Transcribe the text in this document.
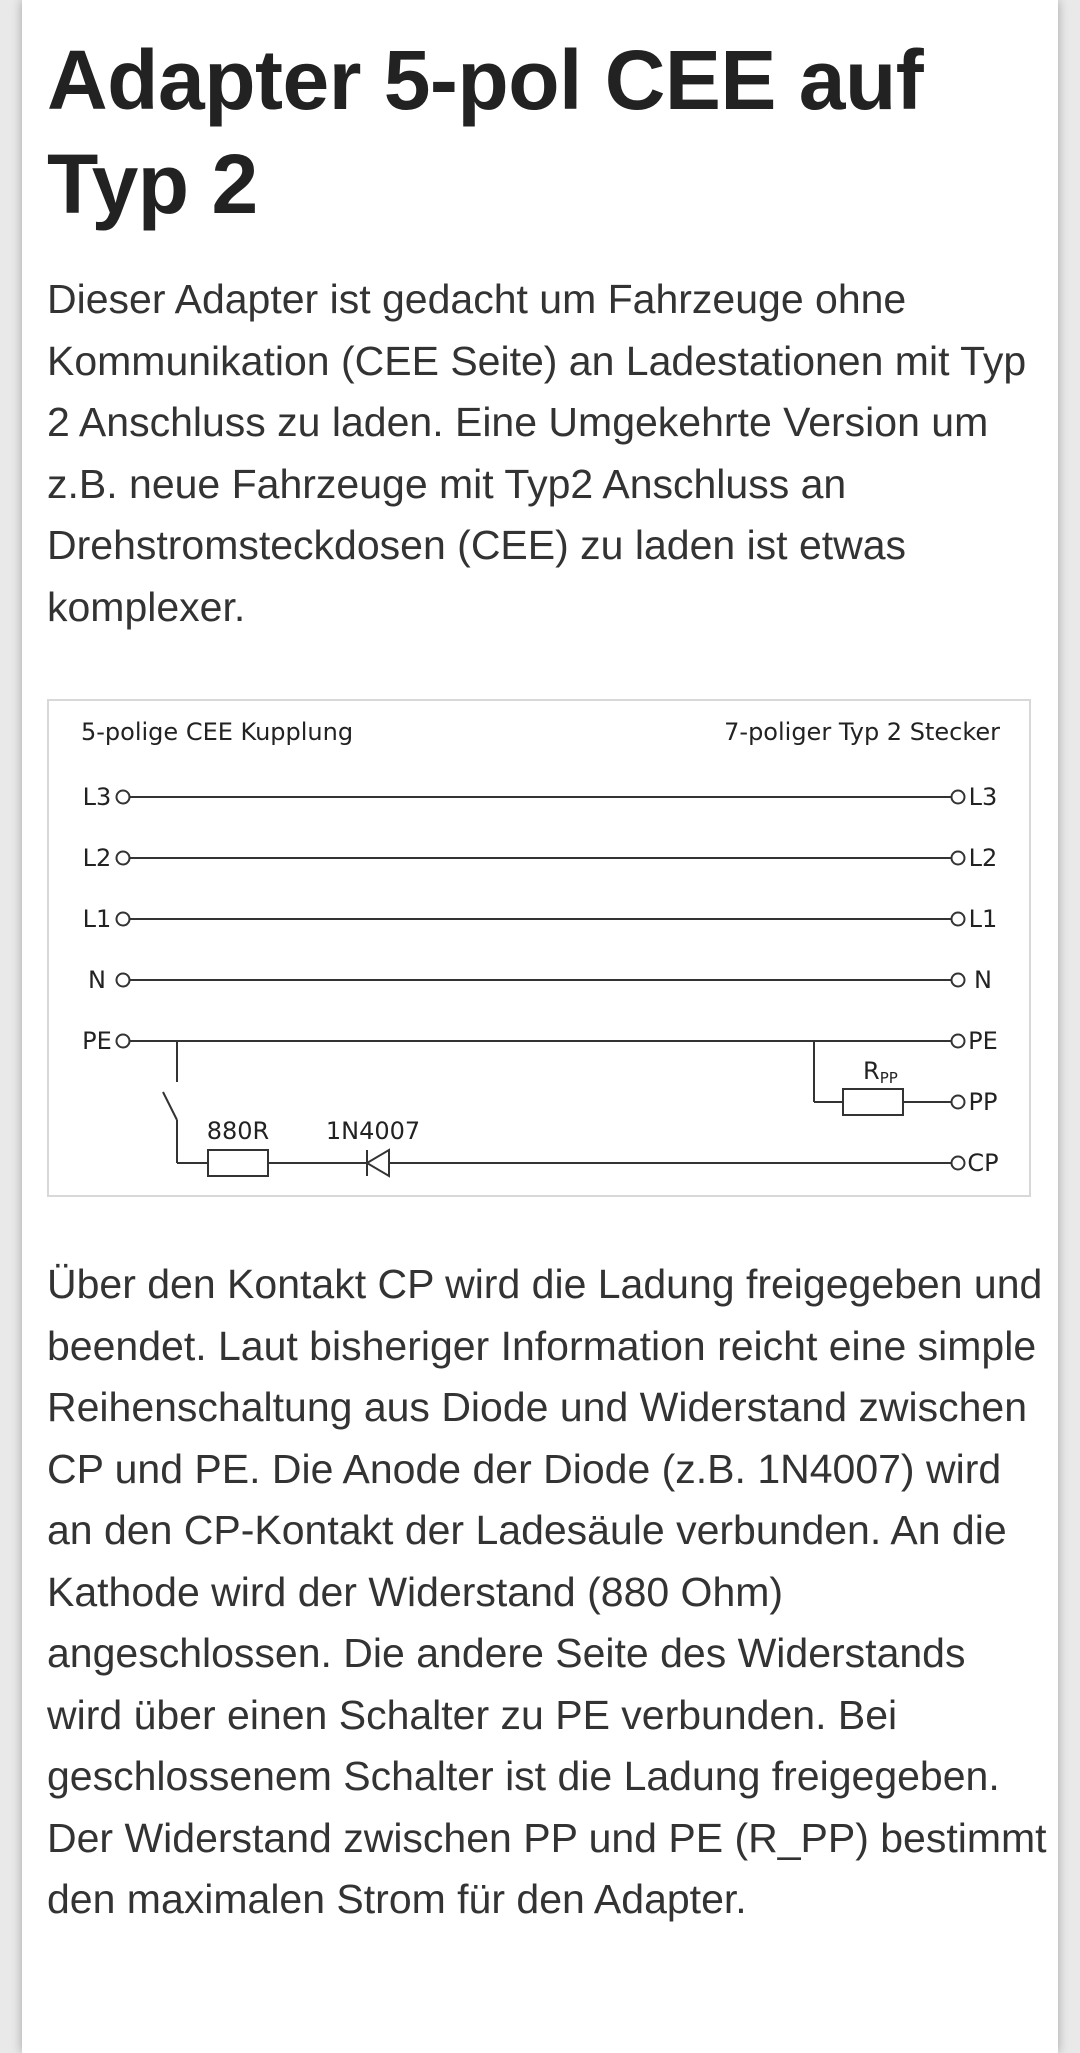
Adapter 5-pol CEE auf Typ 2

Dieser Adapter ist gedacht um Fahrzeuge ohne Kommunikation (CEE Seite) an Ladestationen mit Typ 2 Anschluss zu laden. Eine Umgekehrte Version um z.B. neue Fahrzeuge mit Typ2 Anschluss an Drehstromsteckdosen (CEE) zu laden ist etwas komplexer.

5-polige CEE Kupplung	7-poliger Typ 2 Stecker
L3
L2
L1
N
PE
L3
L2
L1
N
PE
PP
CP
880R 1N4007
RPP

Über den Kontakt CP wird die Ladung freigegeben und beendet. Laut bisheriger Information reicht eine simple Reihenschaltung aus Diode und Widerstand zwischen CP und PE. Die Anode der Diode (z.B. 1N4007) wird an den CP-Kontakt der Ladesäule verbunden. An die Kathode wird der Widerstand (880 Ohm) angeschlossen. Die andere Seite des Widerstands wird über einen Schalter zu PE verbunden. Bei geschlossenem Schalter ist die Ladung freigegeben. Der Widerstand zwischen PP und PE (R_PP) bestimmt den maximalen Strom für den Adapter.
